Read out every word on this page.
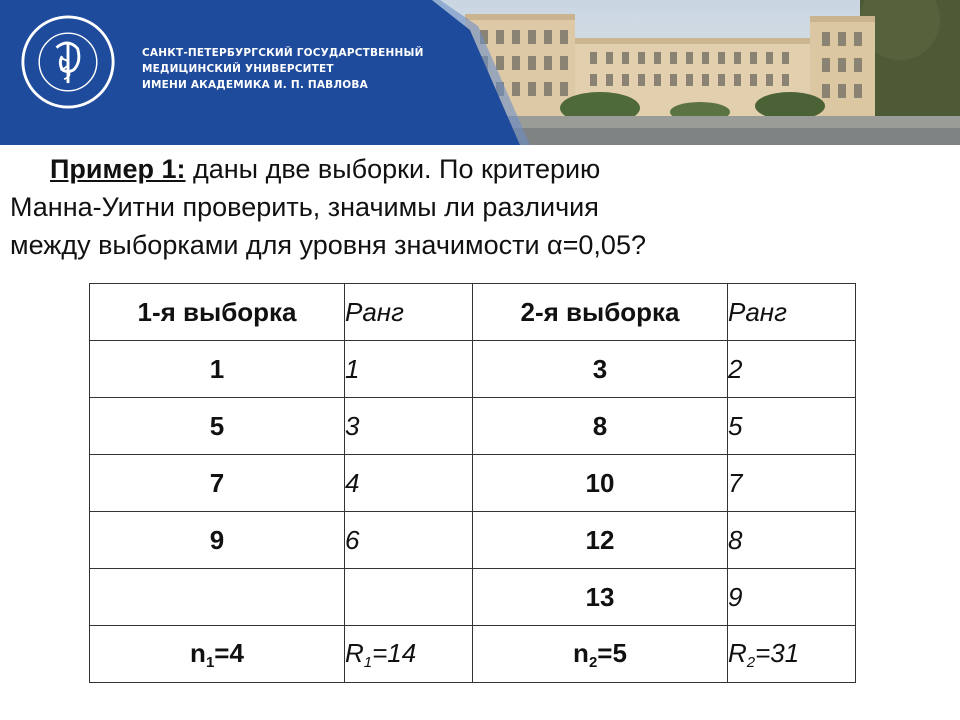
САНКТ-ПЕТЕРБУРГСКИЙ ГОСУДАРСТВЕННЫЙ
МЕДИЦИНСКИЙ УНИВЕРСИТЕТ
ИМЕНИ АКАДЕМИКА И. П. ПАВЛОВА
Пример 1: даны две выборки. По критерию
Манна-Уитни проверить, значимы ли различия
между выборками для уровня значимости α=0,05?
1-я выборка	Ранг	2-я выборка	Ранг
1	1	3	2
5	3	8	5
7	4	10	7
9	6	12	8
		13	9
$n_1=4$	$R_1=14$	$n_2=5$	$R_2=31$
